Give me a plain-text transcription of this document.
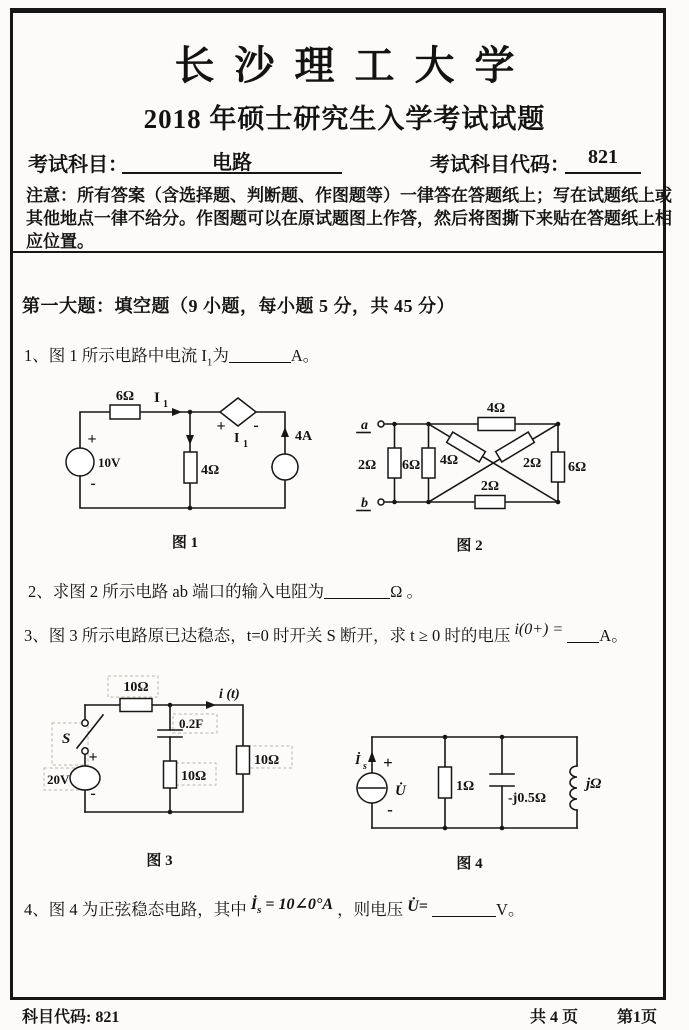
长沙理工大学
2018 年硕士研究生入学考试试题
考试科目：	电路	考试科目代码： 821
注意：所有答案（含选择题、判断题、作图题等）一律答在答题纸上；写在试题纸上或
其他地点一律不给分。作图题可以在原试题图上作答，然后将图撕下来贴在答题纸上相
应位置。
第一大题：填空题（9 小题，每小题 5 分，共 45 分）
1、图 1 所示电路中电流 $I_1$为	A。
6Ω I 1
+
10V
-
4Ω
+ -
I 1
4A
图 1
a
b
2Ω 6Ω
4Ω
4Ω	2Ω
2Ω
6Ω
图 2
2、求图 2 所示电路 ab 端口的输入电阻为	Ω 。
3、图 3 所示电路原已达稳态，t=0 时开关 S 断开，求 t ≥ 0 时的电压 i(0+) = A。
10Ω	i (t)
0.2F
10Ω
10Ω
S
+
20V
-
图 3
İ s +
U̇
-
1Ω
-j0.5Ω
jΩ
图 4
4、图 4 为正弦稳态电路，其中 $İ_s$ = 10∠0°A ，则电压 U̇=	V。
科目代码: 821	共 4 页 第1页
